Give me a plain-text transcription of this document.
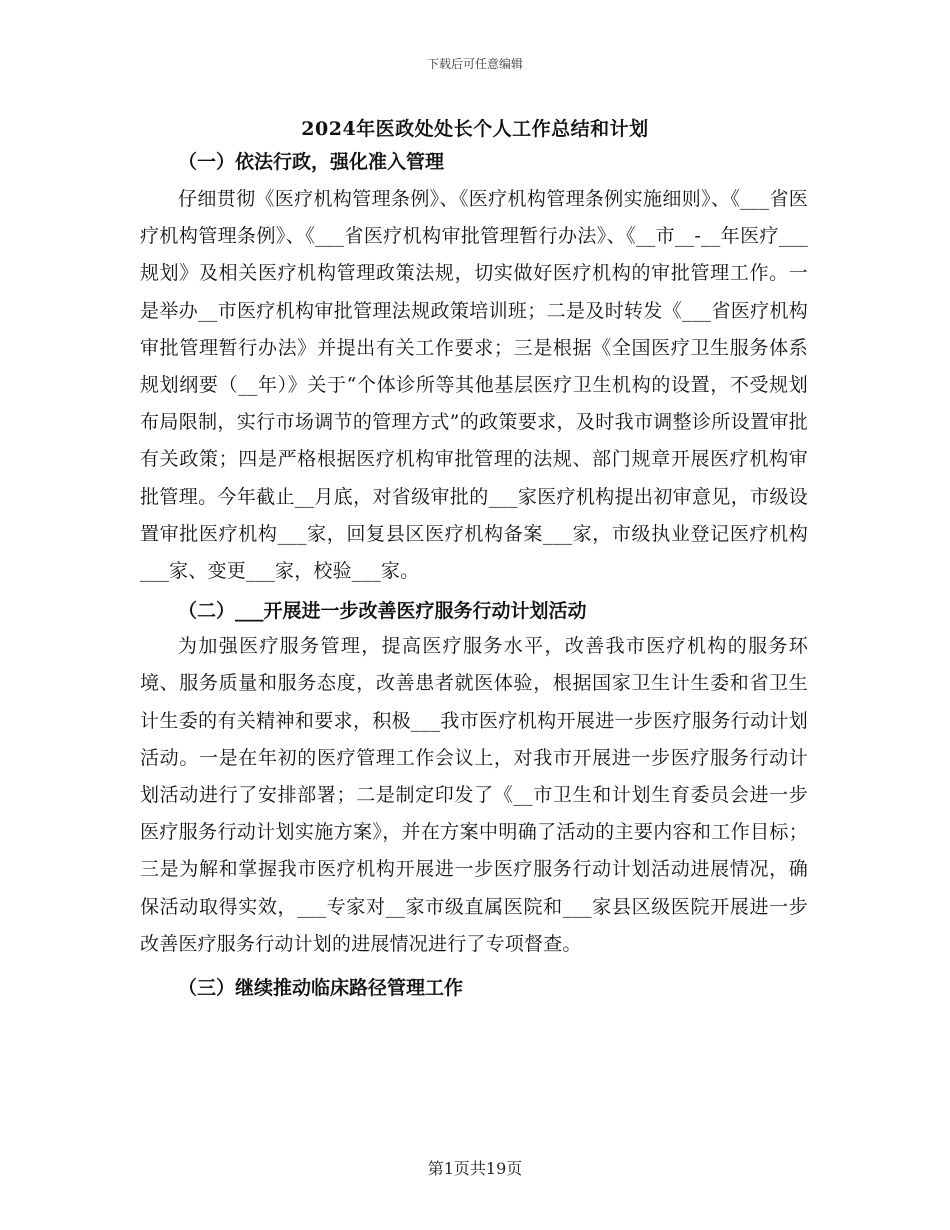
下载后可任意编辑
2024年医政处处长个人工作总结和计划

（一）依法行政，强化准入管理

仔细贯彻《医疗机构管理条例》、《医疗机构管理条例实施细则》、《___省医疗机构管理条例》、《___省医疗机构审批管理暂行办法》、《__市__-__年医疗___规划》及相关医疗机构管理政策法规，切实做好医疗机构的审批管理工作。一是举办__市医疗机构审批管理法规政策培训班；二是及时转发《___省医疗机构审批管理暂行办法》并提出有关工作要求；三是根据《全国医疗卫生服务体系规划纲要（__年）》关于“个体诊所等其他基层医疗卫生机构的设置，不受规划布局限制，实行市场调节的管理方式”的政策要求，及时我市调整诊所设置审批有关政策；四是严格根据医疗机构审批管理的法规、部门规章开展医疗机构审批管理。今年截止__月底，对省级审批的___家医疗机构提出初审意见，市级设置审批医疗机构___家，回复县区医疗机构备案___家，市级执业登记医疗机构___家、变更___家，校验___家。

（二）___开展进一步改善医疗服务行动计划活动

为加强医疗服务管理，提高医疗服务水平，改善我市医疗机构的服务环境、服务质量和服务态度，改善患者就医体验，根据国家卫生计生委和省卫生计生委的有关精神和要求，积极___我市医疗机构开展进一步医疗服务行动计划活动。一是在年初的医疗管理工作会议上，对我市开展进一步医疗服务行动计划活动进行了安排部署；二是制定印发了《__市卫生和计划生育委员会进一步医疗服务行动计划实施方案》，并在方案中明确了活动的主要内容和工作目标；三是为解和掌握我市医疗机构开展进一步医疗服务行动计划活动进展情况，确保活动取得实效，___专家对__家市级直属医院和___家县区级医院开展进一步改善医疗服务行动计划的进展情况进行了专项督查。

（三）继续推动临床路径管理工作

第1页共19页
